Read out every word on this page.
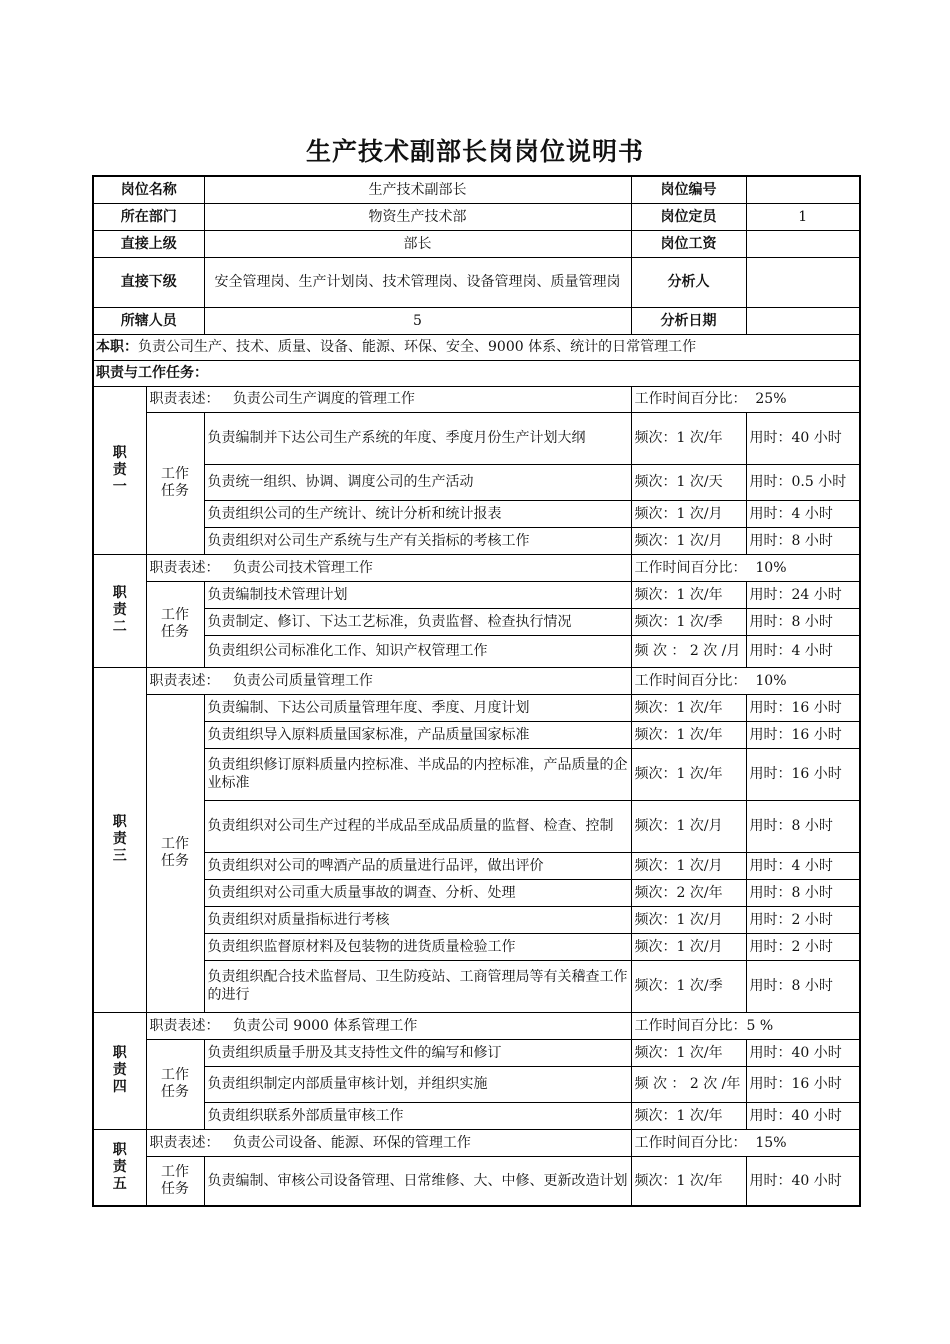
生产技术副部长岗岗位说明书
岗位名称		生产技术副部长	岗位编号	
所在部门		物资生产技术部	岗位定员	1
直接上级		部长	岗位工资	
直接下级		安全管理岗、生产计划岗、技术管理岗、设备管理岗、质量管理岗	分析人	
所辖人员		5	分析日期	
本职：负责公司生产、技术、质量、设备、能源、环保、安全、9000 体系、统计的日常管理工作				
职责与工作任务：				
职
责
一	职责表述：   负责公司生产调度的管理工作		工作时间百分比：  25%	
	工作任务	负责编制并下达公司生产系统的年度、季度月份生产计划大纲	频次：1 次/年	用时：40 小时
		负责统一组织、协调、调度公司的生产活动	频次：1 次/天	用时：0.5 小时
		负责组织公司的生产统计、统计分析和统计报表	频次：1 次/月	用时：4 小时
		负责组织对公司生产系统与生产有关指标的考核工作	频次：1 次/月	用时：8 小时
职
责
二	职责表述：   负责公司技术管理工作		工作时间百分比：  10%	
	工作任务	负责编制技术管理计划	频次：1 次/年	用时：24 小时
		负责制定、修订、下达工艺标准，负责监督、检查执行情况	频次：1 次/季	用时：8 小时
		负责组织公司标准化工作、知识产权管理工作	频 次 ： 2 次 /月	用时：4 小时
职
责
三	职责表述：   负责公司质量管理工作		工作时间百分比：  10%	
	工作任务	负责编制、下达公司质量管理年度、季度、月度计划	频次：1 次/年	用时：16 小时
		负责组织导入原料质量国家标准，产品质量国家标准	频次：1 次/年	用时：16 小时
		负责组织修订原料质量内控标准、半成品的内控标准，产品质量的企业标准	频次：1 次/年	用时：16 小时
		负责组织对公司生产过程的半成品至成品质量的监督、检查、控制	频次：1 次/月	用时：8 小时
		负责组织对公司的啤酒产品的质量进行品评，做出评价	频次：1 次/月	用时：4 小时
		负责组织对公司重大质量事故的调查、分析、处理	频次：2 次/年	用时：8 小时
		负责组织对质量指标进行考核	频次：1 次/月	用时：2 小时
		负责组织监督原材料及包装物的进货质量检验工作	频次：1 次/月	用时：2 小时
		负责组织配合技术监督局、卫生防疫站、工商管理局等有关稽查工作的进行	频次：1 次/季	用时：8 小时
职
责
四	职责表述：   负责公司 9000 体系管理工作		工作时间百分比：5 %	
	工作任务	负责组织质量手册及其支持性文件的编写和修订	频次：1 次/年	用时：40 小时
		负责组织制定内部质量审核计划，并组织实施	频 次 ： 2 次 /年	用时：16 小时
		负责组织联系外部质量审核工作	频次：1 次/年	用时：40 小时
职
责
五	职责表述：   负责公司设备、能源、环保的管理工作		工作时间百分比：  15%	
	工作任务	负责编制、审核公司设备管理、日常维修、大、中修、更新改造计划	频次：1 次/年	用时：40 小时
